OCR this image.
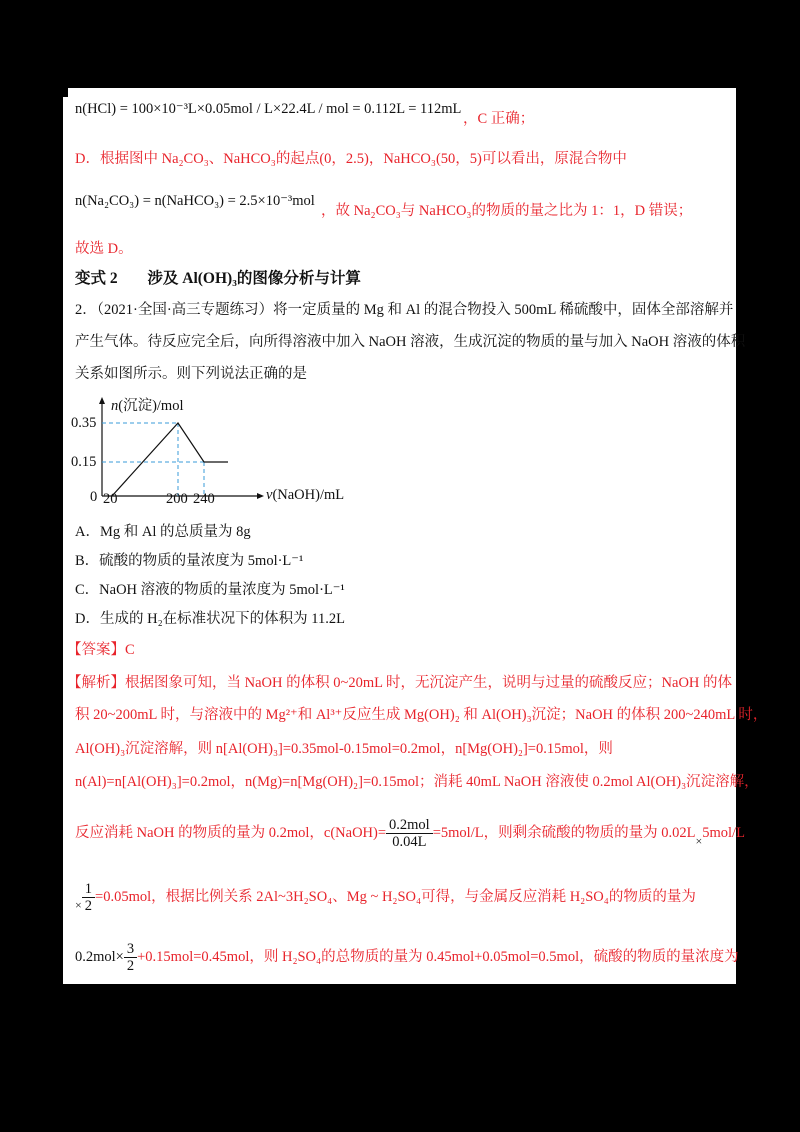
n(HCl) = 100×10⁻³L×0.05mol / L×22.4L / mol = 0.112L = 112mL
，C 正确；
D．根据图中 Na₂CO₃、NaHCO₃的起点(0，2.5)，NaHCO₃(50，5)可以看出，原混合物中
n(Na₂CO₃) = n(NaHCO₃) = 2.5×10⁻³mol
，故 Na₂CO₃与 NaHCO₃的物质的量之比为 1：1，D 错误；
故选 D。
变式 2 涉及 Al(OH)₃的图像分析与计算
2．（2021·全国·高三专题练习）将一定质量的 Mg 和 Al 的混合物投入 500mL 稀硫酸中，固体全部溶解并
产生气体。待反应完全后，向所得溶液中加入 NaOH 溶液，生成沉淀的物质的量与加入 NaOH 溶液的体积
关系如图所示。则下列说法正确的是
n(沉淀)/mol
0.35
0.15
0 20	200 240	v(NaOH)/mL
A．Mg 和 Al 的总质量为 8g
B．硫酸的物质的量浓度为 5mol·L⁻¹
C．NaOH 溶液的物质的量浓度为 5mol·L⁻¹
D．生成的 H₂在标准状况下的体积为 11.2L
【答案】C
【解析】根据图象可知，当 NaOH 的体积 0~20mL 时，无沉淀产生，说明与过量的硫酸反应；NaOH 的体
积 20~200mL 时，与溶液中的 Mg²⁺和 Al³⁺反应生成 Mg(OH)₂ 和 Al(OH)₃沉淀；NaOH 的体积 200~240mL 时，
Al(OH)₃沉淀溶解，则 n[Al(OH)₃]=0.35mol-0.15mol=0.2mol，n[Mg(OH)₂]=0.15mol，则
n(Al)=n[Al(OH)₃]=0.2mol，n(Mg)=n[Mg(OH)₂]=0.15mol；消耗 40mL NaOH 溶液使 0.2mol Al(OH)₃沉淀溶解，
反应消耗 NaOH 的物质的量为 0.2mol，c(NaOH)= $\frac{\text{0.2mol}}{0.04L} =5mol/L$，则剩余硫酸的物质的量为 $0.02L_\times 5mol/L$
$_\times \frac{1}{2} =0.05mol$，根据比例关系 2Al~3H₂SO₄、Mg ~ H₂SO₄可得，与金属反应消耗 H₂SO₄的物质的量为
$0.2mol\times \frac{3}{2} +0.15mol=0.45mol$，则 H₂SO₄的总物质的量为 0.45mol+0.05mol=0.5mol，硫酸的物质的量浓度为
